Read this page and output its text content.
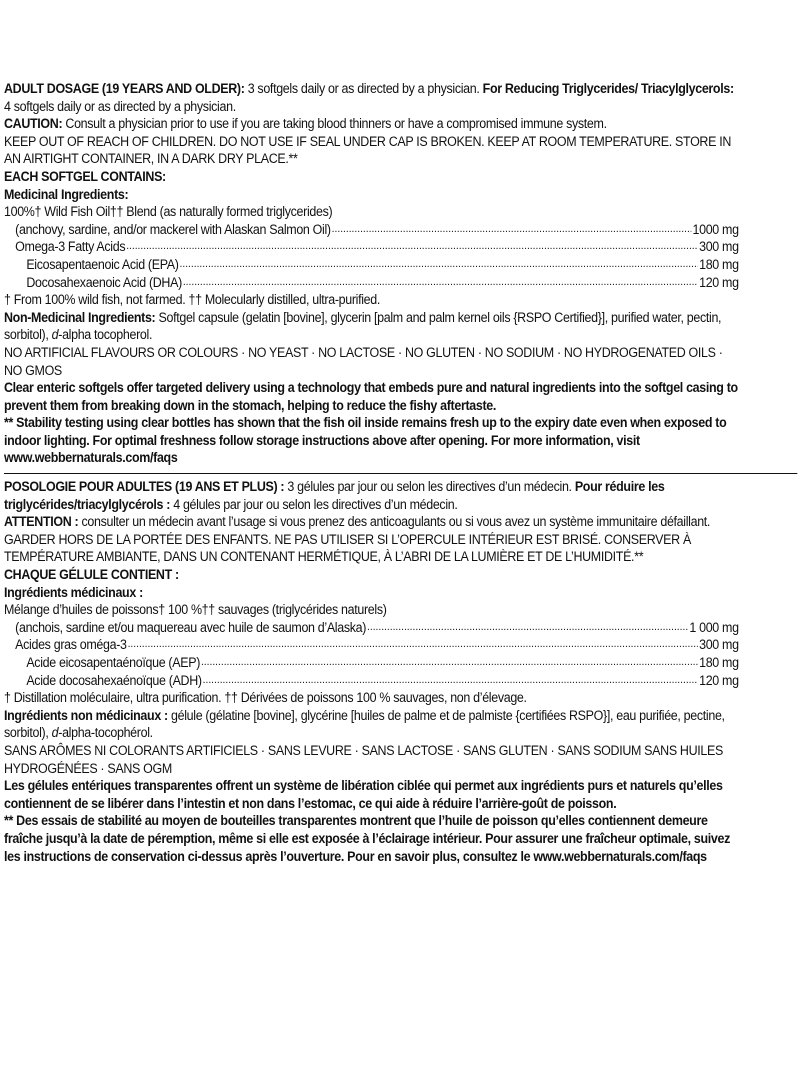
ADULT DOSAGE (19 YEARS AND OLDER): 3 softgels daily or as directed by a physician. For Reducing Triglycerides/ Triacylglycerols: 4 softgels daily or as directed by a physician.

CAUTION: Consult a physician prior to use if you are taking blood thinners or have a compromised immune system.

KEEP OUT OF REACH OF CHILDREN. DO NOT USE IF SEAL UNDER CAP IS BROKEN. KEEP AT ROOM TEMPERATURE. STORE IN AN AIRTIGHT CONTAINER, IN A DARK DRY PLACE.**

EACH SOFTGEL CONTAINS:

Medicinal Ingredients:

100%† Wild Fish Oil†† Blend (as naturally formed triglycerides)

(anchovy, sardine, and/or mackerel with Alaskan Salmon Oil) .....	1000 mg
Omega-3 Fatty Acids .....	300 mg
Eicosapentaenoic Acid (EPA) .....	180 mg
Docosahexaenoic Acid (DHA) .....	120 mg

† From 100% wild fish, not farmed. †† Molecularly distilled, ultra-purified.

Non-Medicinal Ingredients: Softgel capsule (gelatin [bovine], glycerin [palm and palm kernel oils {RSPO Certified}], purified water, pectin, sorbitol), d-alpha tocopherol.

NO ARTIFICIAL FLAVOURS OR COLOURS · NO YEAST · NO LACTOSE · NO GLUTEN · NO SODIUM · NO HYDROGENATED OILS · NO GMOS

Clear enteric softgels offer targeted delivery using a technology that embeds pure and natural ingredients into the softgel casing to prevent them from breaking down in the stomach, helping to reduce the fishy aftertaste.

** Stability testing using clear bottles has shown that the fish oil inside remains fresh up to the expiry date even when exposed to indoor lighting. For optimal freshness follow storage instructions above after opening. For more information, visit www.webbernaturals.com/faqs

POSOLOGIE POUR ADULTES (19 ANS ET PLUS) : 3 gélules par jour ou selon les directives d’un médecin. Pour réduire les triglycérides/triacylglycérols : 4 gélules par jour ou selon les directives d’un médecin.

ATTENTION : consulter un médecin avant l’usage si vous prenez des anticoagulants ou si vous avez un système immunitaire défaillant.

GARDER HORS DE LA PORTÉE DES ENFANTS. NE PAS UTILISER SI L’OPERCULE INTÉRIEUR EST BRISÉ. CONSERVER À TEMPÉRATURE AMBIANTE, DANS UN CONTENANT HERMÉTIQUE, À L’ABRI DE LA LUMIÈRE ET DE L’HUMIDITÉ.**

CHAQUE GÉLULE CONTIENT :

Ingrédients médicinaux :

Mélange d’huiles de poissons† 100 %†† sauvages (triglycérides naturels)

(anchois, sardine et/ou maquereau avec huile de saumon d’Alaska) .....	1 000 mg
Acides gras oméga-3 .....	300 mg
Acide eicosapentaénoïque (AEP) .....	180 mg
Acide docosahexaénoïque (ADH) .....	120 mg

† Distillation moléculaire, ultra purification. †† Dérivées de poissons 100 % sauvages, non d’élevage.

Ingrédients non médicinaux : gélule (gélatine [bovine], glycérine [huiles de palme et de palmiste {certifiées RSPO}], eau purifiée, pectine, sorbitol), d-alpha-tocophérol.

SANS ARÔMES NI COLORANTS ARTIFICIELS · SANS LEVURE · SANS LACTOSE · SANS GLUTEN · SANS SODIUM SANS HUILES HYDROGÉNÉES · SANS OGM

Les gélules entériques transparentes offrent un système de libération ciblée qui permet aux ingrédients purs et naturels qu’elles contiennent de se libérer dans l’intestin et non dans l’estomac, ce qui aide à réduire l’arrière-goût de poisson.

** Des essais de stabilité au moyen de bouteilles transparentes montrent que l’huile de poisson qu’elles contiennent demeure fraîche jusqu’à la date de péremption, même si elle est exposée à l’éclairage intérieur. Pour assurer une fraîcheur optimale, suivez les instructions de conservation ci-dessus après l’ouverture. Pour en savoir plus, consultez le www.webbernaturals.com/faqs
